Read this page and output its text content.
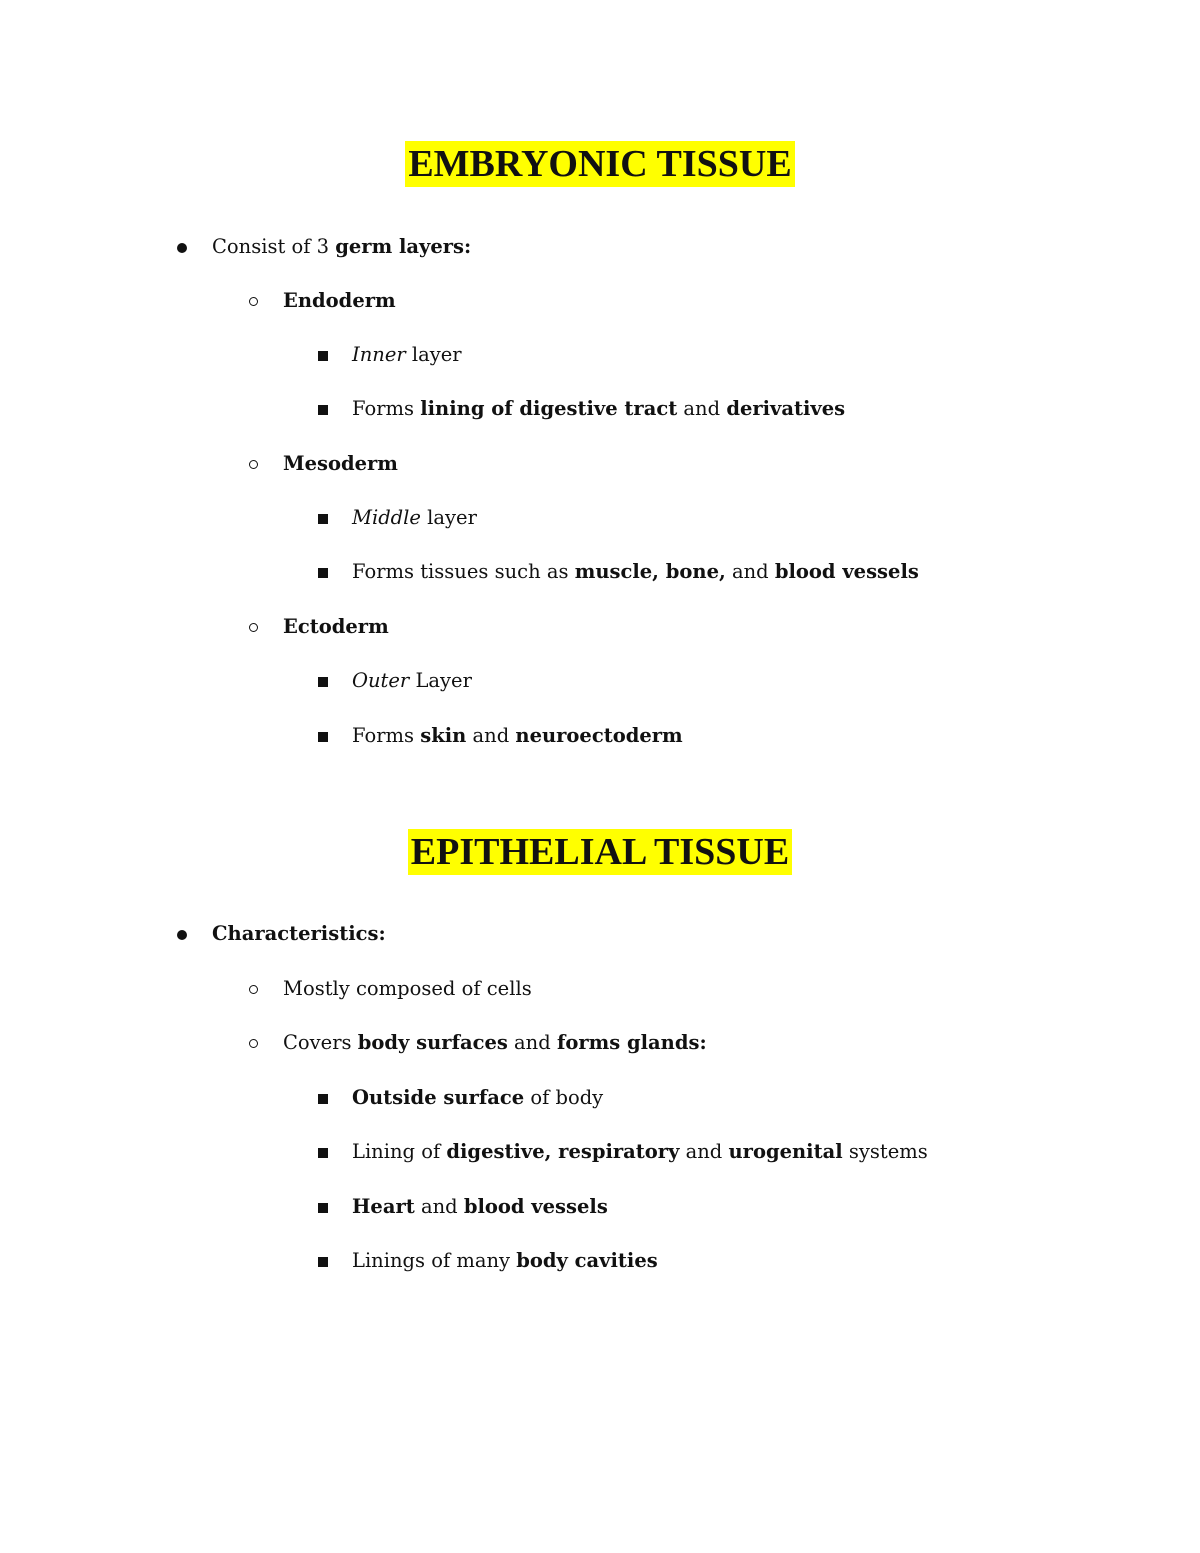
EMBRYONIC TISSUE
Consist of 3 germ layers:
Endoderm
Inner layer
Forms lining of digestive tract and derivatives
Mesoderm
Middle layer
Forms tissues such as muscle, bone, and blood vessels
Ectoderm
Outer Layer
Forms skin and neuroectoderm
EPITHELIAL TISSUE
Characteristics:
Mostly composed of cells
Covers body surfaces and forms glands:
Outside surface of body
Lining of digestive, respiratory and urogenital systems
Heart and blood vessels
Linings of many body cavities
